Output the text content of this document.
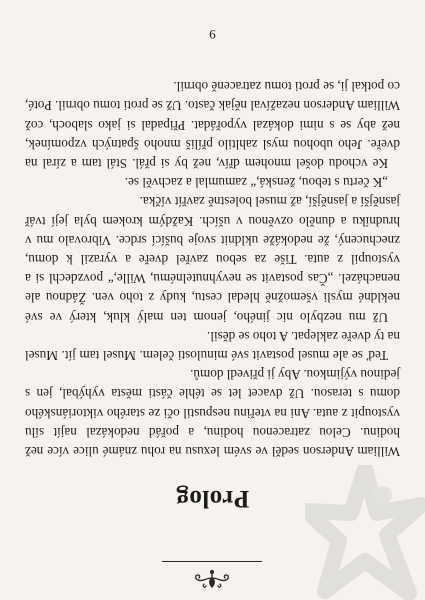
Prolog

William Anderson seděl ve svém lexusu na rohu známé ulice více než hodinu. Celou zatracenou hodinu, a pořád nedokázal najít sílu vystoupit z auta. Ani na vteřinu nespustil oči ze starého viktoriánského domu s terasou. Už dvacet let se téhle části města vyhýbal, jen s jedinou výjimkou. Aby ji přivedl domů.

Teď se ale musel postavit své minulosti čelem. Musel tam jít. Musel na ty dveře zaklepat. A toho se děsil.

Už mu nezbylo nic jiného, jenom ten malý kluk, který ve své nekldné mysli všemožně hledal cestu, kudy z toho ven. Žádnou ale nenacházel. „Čas postavit se nevyhnutelnému, Wille,“ povzdechl si a vystoupil z auta. Tiše za sebou zavřel dveře a vyrazil k domu, znechucený, že nedokáže ukldnit svoje bušící srdce. Vibrovalo mu v hrudníku a dunělo ozvěnou v uších. Každým krokem byla její tvář jasnější a jasnější, až musel bolestně zavřít víčka.

„K čertu s tebou, ženská,“ zamumlal a zachvěl se.

Ke vchodu došel mnohem dřív, než by si přál. Stál tam a zíral na dveře. Jeho ubohou mysl zahltilo příliš mnoho špatných vzpomínek, než aby se s nimi dokázal vypořádat. Připadal si jako slaboch, což William Anderson nezažíval nějak často. Už se proti tomu obrnil. Poté, co potkal ji, se proti tomu zatraceně obrnil.

9
